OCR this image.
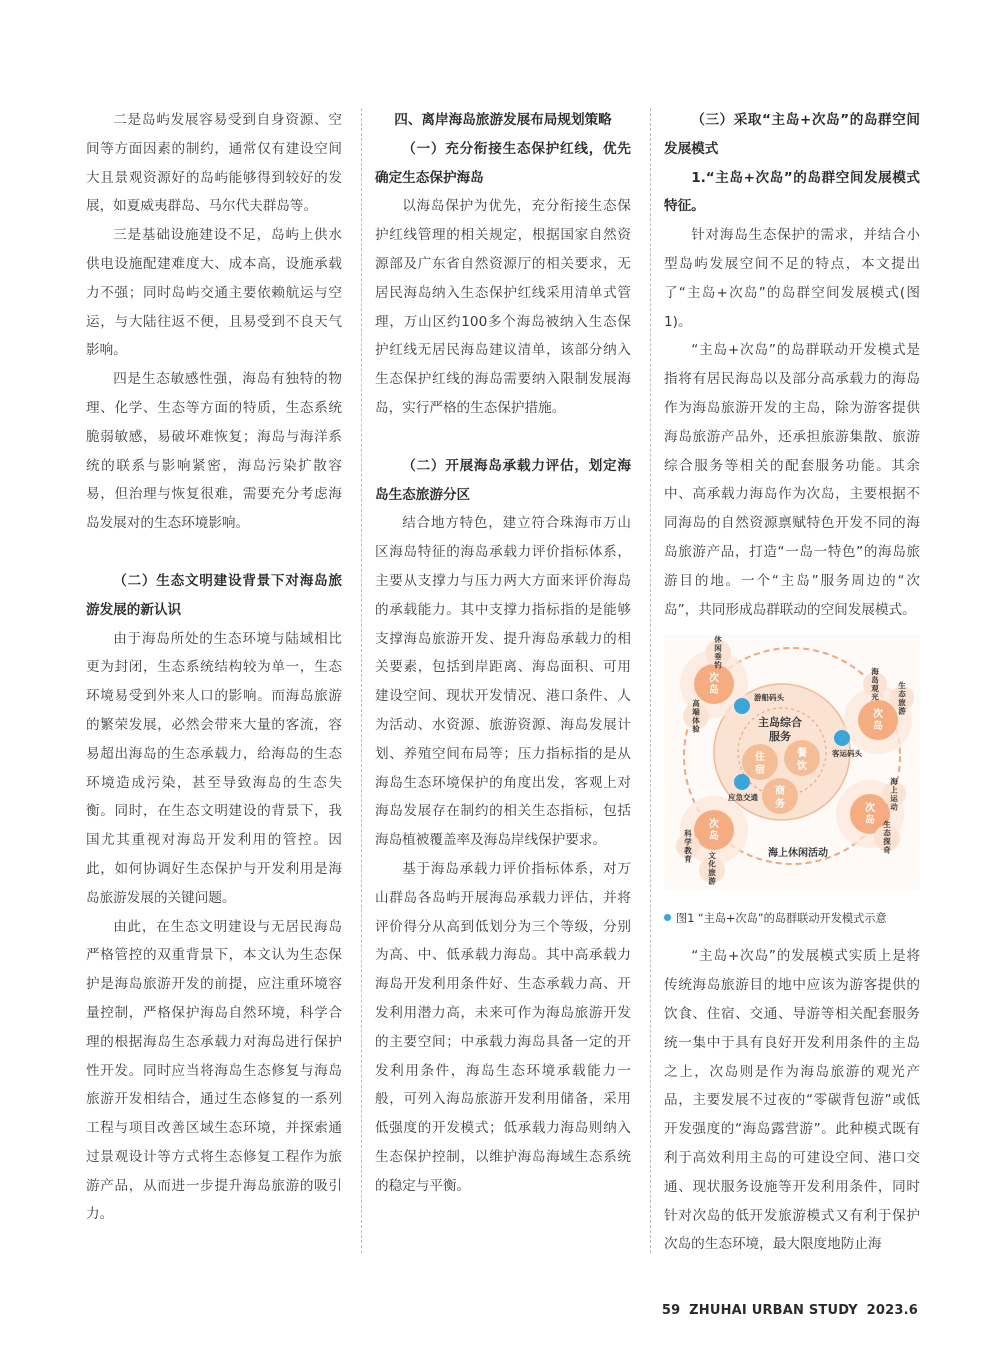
二是岛屿发展容易受到自身资源、空间等方面因素的制约，通常仅有建设空间大且景观资源好的岛屿能够得到较好的发展，如夏威夷群岛、马尔代夫群岛等。

三是基础设施建设不足，岛屿上供水供电设施配建难度大、成本高，设施承载力不强；同时岛屿交通主要依赖航运与空运，与大陆往返不便，且易受到不良天气影响。

四是生态敏感性强，海岛有独特的物理、化学、生态等方面的特质，生态系统脆弱敏感，易破坏难恢复；海岛与海洋系统的联系与影响紧密，海岛污染扩散容易，但治理与恢复很难，需要充分考虑海岛发展对的生态环境影响。

（二）生态文明建设背景下对海岛旅游发展的新认识

由于海岛所处的生态环境与陆域相比更为封闭，生态系统结构较为单一，生态环境易受到外来人口的影响。而海岛旅游的繁荣发展，必然会带来大量的客流，容易超出海岛的生态承载力，给海岛的生态环境造成污染，甚至导致海岛的生态失衡。同时，在生态文明建设的背景下，我国尤其重视对海岛开发利用的管控。因此，如何协调好生态保护与开发利用是海岛旅游发展的关键问题。

由此，在生态文明建设与无居民海岛严格管控的双重背景下，本文认为生态保护是海岛旅游开发的前提，应注重环境容量控制，严格保护海岛自然环境，科学合理的根据海岛生态承载力对海岛进行保护性开发。同时应当将海岛生态修复与海岛旅游开发相结合，通过生态修复的一系列工程与项目改善区域生态环境，并探索通过景观设计等方式将生态修复工程作为旅游产品，从而进一步提升海岛旅游的吸引力。

四、离岸海岛旅游发展布局规划策略
（一）充分衔接生态保护红线，优先确定生态保护海岛

以海岛保护为优先，充分衔接生态保护红线管理的相关规定，根据国家自然资源部及广东省自然资源厅的相关要求，无居民海岛纳入生态保护红线采用清单式管理，万山区约100多个海岛被纳入生态保护红线无居民海岛建议清单，该部分纳入生态保护红线的海岛需要纳入限制发展海岛，实行严格的生态保护措施。

（二）开展海岛承载力评估，划定海岛生态旅游分区

结合地方特色，建立符合珠海市万山区海岛特征的海岛承载力评价指标体系，主要从支撑力与压力两大方面来评价海岛的承载能力。其中支撑力指标指的是能够支撑海岛旅游开发、提升海岛承载力的相关要素，包括到岸距离、海岛面积、可用建设空间、现状开发情况、港口条件、人为活动、水资源、旅游资源、海岛发展计划、养殖空间布局等；压力指标指的是从海岛生态环境保护的角度出发，客观上对海岛发展存在制约的相关生态指标，包括海岛植被覆盖率及海岛岸线保护要求。

基于海岛承载力评价指标体系，对万山群岛各岛屿开展海岛承载力评估，并将评价得分从高到低划分为三个等级，分别为高、中、低承载力海岛。其中高承载力海岛开发利用条件好、生态承载力高、开发利用潜力高，未来可作为海岛旅游开发的主要空间；中承载力海岛具备一定的开发利用条件，海岛生态环境承载能力一般，可列入海岛旅游开发利用储备，采用低强度的开发模式；低承载力海岛则纳入生态保护控制，以维护海岛海域生态系统的稳定与平衡。

（三）采取“主岛+次岛”的岛群空间发展模式
1.“主岛+次岛”的岛群空间发展模式特征。

针对海岛生态保护的需求，并结合小型岛屿发展空间不足的特点，本文提出了“主岛+次岛”的岛群空间发展模式(图1)。

“主岛+次岛”的岛群联动开发模式是指将有居民海岛以及部分高承载力的海岛作为海岛旅游开发的主岛，除为游客提供海岛旅游产品外，还承担旅游集散、旅游综合服务等相关的配套服务功能。其余中、高承载力海岛作为次岛，主要根据不同海岛的自然资源禀赋特色开发不同的海岛旅游产品，打造“一岛一特色”的海岛旅游目的地。一个“主岛”服务周边的“次岛”，共同形成岛群联动的空间发展模式。

主岛综合
服务
住
宿
餐
饮
商
务
次
岛
次
岛
次
岛
次
岛
游船码头
客运码头
应急交通
海上休闲活动
休闲垂钓
高端体验
海岛观光
生态旅游
海上运动
生态探奇
科学教育 文化旅游
图1 “主岛+次岛”的岛群联动开发模式示意

“主岛+次岛”的发展模式实质上是将传统海岛旅游目的地中应该为游客提供的饮食、住宿、交通、导游等相关配套服务统一集中于具有良好开发利用条件的主岛之上，次岛则是作为海岛旅游的观光产品，主要发展不过夜的“零碳背包游”或低开发强度的“海岛露营游”。此种模式既有利于高效利用主岛的可建设空间、港口交通、现状服务设施等开发利用条件，同时针对次岛的低开发旅游模式又有利于保护次岛的生态环境，最大限度地防止海

59 ZHUHAI URBAN STUDY 2023.6
